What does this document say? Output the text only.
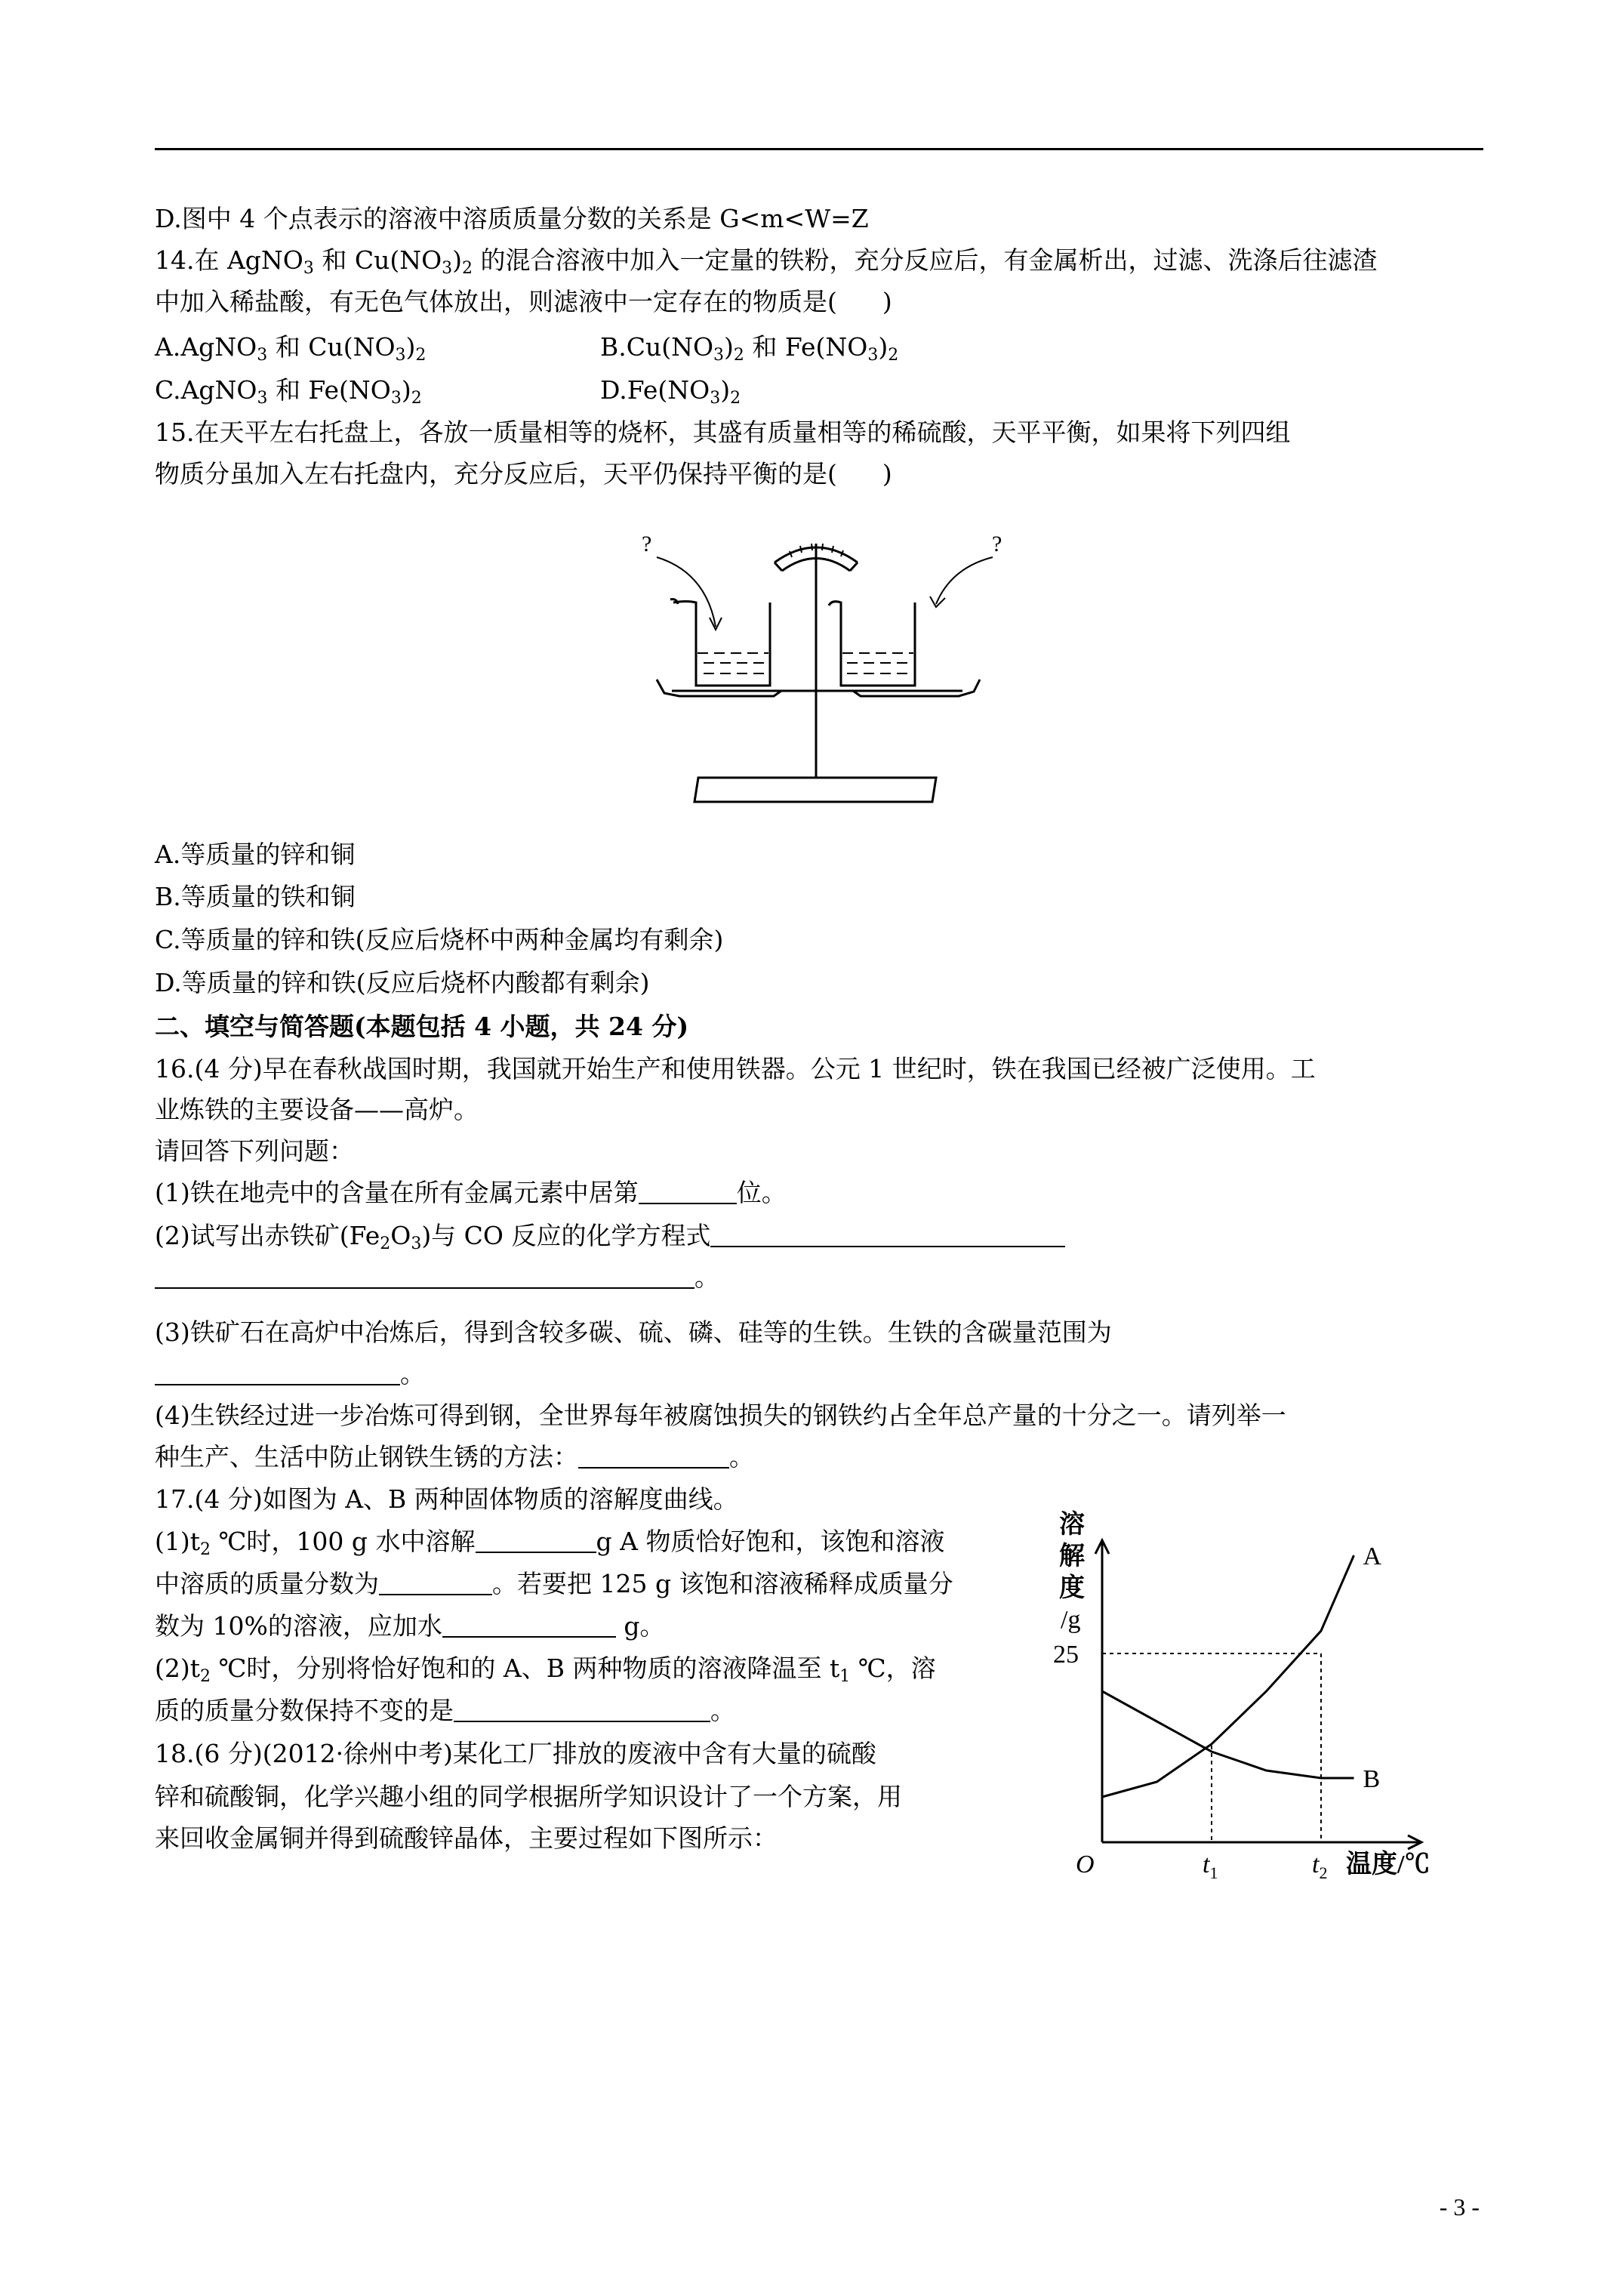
D.图中 4 个点表示的溶液中溶质质量分数的关系是 G<m<W=Z
14.在 AgNO$_3$ 和 $Cu(NO_3)_2$ 的混合溶液中加入一定量的铁粉，充分反应后，有金属析出，过滤、洗涤后往滤渣
中加入稀盐酸，有无色气体放出，则滤液中一定存在的物质是( )
A.AgNO$_3$ 和 $Cu(NO_3)_2$	$B.Cu(NO_3)_2$ 和 $Fe(NO_3)_2$
C.AgNO$_3$ 和 $Fe(NO_3)_2$	$D.Fe(NO_3)_2$
15.在天平左右托盘上，各放一质量相等的烧杯，其盛有质量相等的稀硫酸，天平平衡，如果将下列四组
物质分虽加入左右托盘内，充分反应后，天平仍保持平衡的是( )
?	?
A.等质量的锌和铜
B.等质量的铁和铜
C.等质量的锌和铁(反应后烧杯中两种金属均有剩余)
D.等质量的锌和铁(反应后烧杯内酸都有剩余)
二、填空与简答题(本题包括 4 小题，共 24 分)
16.(4 分)早在春秋战国时期，我国就开始生产和使用铁器。公元 1 世纪时，铁在我国已经被广泛使用。工
业炼铁的主要设备——高炉。
请回答下列问题：
(1)铁在地壳中的含量在所有金属元素中居第	位。
(2)试写出赤铁矿$(Fe_2O_3)$与 CO 反应的化学方程式
。
(3)铁矿石在高炉中冶炼后，得到含较多碳、硫、磷、硅等的生铁。生铁的含碳量范围为
。
(4)生铁经过进一步冶炼可得到钢，全世界每年被腐蚀损失的钢铁约占全年总产量的十分之一。请列举一
种生产、生活中防止钢铁生锈的方法：	。
17.(4 分)如图为 A、B 两种固体物质的溶解度曲线。
$(1)t_2$ ℃时，100 g 水中溶解	g A 物质恰好饱和，该饱和溶液
中溶质的质量分数为	。若要把 125 g 该饱和溶液稀释成质量分
数为 10%的溶液，应加水	g。
$(2)t_2$ ℃时，分别将恰好饱和的 A、B 两种物质的溶液降温至 $t_1$ ℃，溶
质的质量分数保持不变的是	。
18.(6 分)(2012·徐州中考)某化工厂排放的废液中含有大量的硫酸
锌和硫酸铜，化学兴趣小组的同学根据所学知识设计了一个方案，用
来回收金属铜并得到硫酸锌晶体，主要过程如下图所示：
溶
解
度
/g
A
B
25
$t_1$	$t_2$
O	温度/℃
- 3 -
